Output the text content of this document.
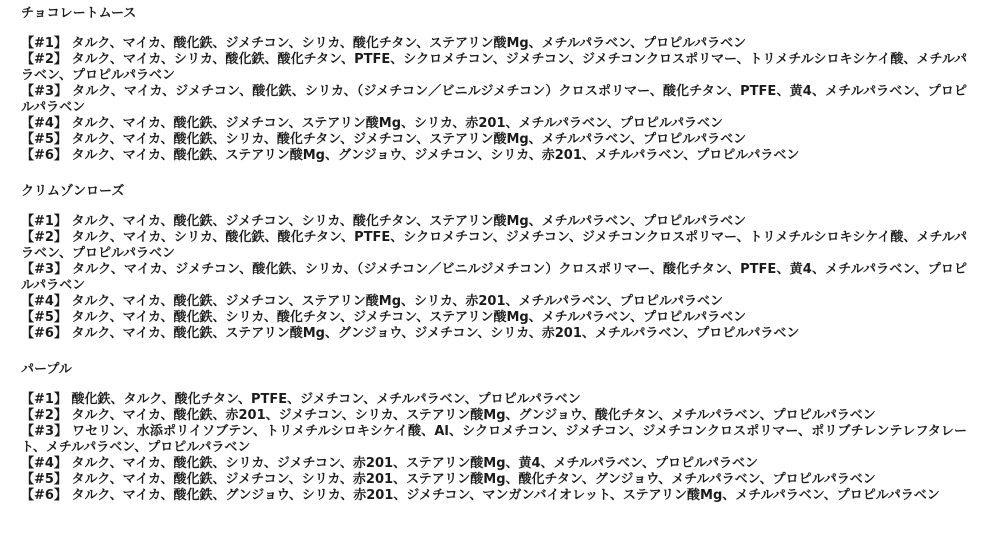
チョコレートムース

【#1】 タルク、マイカ、酸化鉄、ジメチコン、シリカ、酸化チタン、ステアリン酸Mg、メチルパラベン、プロピルパラベン

【#2】 タルク、マイカ、シリカ、酸化鉄、酸化チタン、PTFE、シクロメチコン、ジメチコン、ジメチコンクロスポリマー、トリメチルシロキシケイ酸、メチルパラベン、プロピルパラベン

【#3】 タルク、マイカ、ジメチコン、酸化鉄、シリカ、（ジメチコン／ビニルジメチコン）クロスポリマー、酸化チタン、PTFE、黄4、メチルパラベン、プロピルパラベン

【#4】 タルク、マイカ、酸化鉄、ジメチコン、ステアリン酸Mg、シリカ、赤201、メチルパラベン、プロピルパラベン

【#5】 タルク、マイカ、酸化鉄、シリカ、酸化チタン、ジメチコン、ステアリン酸Mg、メチルパラベン、プロピルパラベン

【#6】 タルク、マイカ、酸化鉄、ステアリン酸Mg、グンジョウ、ジメチコン、シリカ、赤201、メチルパラベン、プロピルパラベン

クリムゾンローズ

【#1】 タルク、マイカ、酸化鉄、ジメチコン、シリカ、酸化チタン、ステアリン酸Mg、メチルパラベン、プロピルパラベン

【#2】 タルク、マイカ、シリカ、酸化鉄、酸化チタン、PTFE、シクロメチコン、ジメチコン、ジメチコンクロスポリマー、トリメチルシロキシケイ酸、メチルパラベン、プロピルパラベン

【#3】 タルク、マイカ、ジメチコン、酸化鉄、シリカ、（ジメチコン／ビニルジメチコン）クロスポリマー、酸化チタン、PTFE、黄4、メチルパラベン、プロピルパラベン

【#4】 タルク、マイカ、酸化鉄、ジメチコン、ステアリン酸Mg、シリカ、赤201、メチルパラベン、プロピルパラベン

【#5】 タルク、マイカ、酸化鉄、シリカ、酸化チタン、ジメチコン、ステアリン酸Mg、メチルパラベン、プロピルパラベン

【#6】 タルク、マイカ、酸化鉄、ステアリン酸Mg、グンジョウ、ジメチコン、シリカ、赤201、メチルパラベン、プロピルパラベン

パープル

【#1】 酸化鉄、タルク、酸化チタン、PTFE、ジメチコン、メチルパラベン、プロピルパラベン

【#2】 タルク、マイカ、酸化鉄、赤201、ジメチコン、シリカ、ステアリン酸Mg、グンジョウ、酸化チタン、メチルパラベン、プロピルパラベン

【#3】 ワセリン、水添ポリイソブテン、トリメチルシロキシケイ酸、Al、シクロメチコン、ジメチコン、ジメチコンクロスポリマー、ポリブチレンテレフタレート、メチルパラベン、プロピルパラベン

【#4】 タルク、マイカ、酸化鉄、シリカ、ジメチコン、赤201、ステアリン酸Mg、黄4、メチルパラベン、プロピルパラベン

【#5】 タルク、マイカ、酸化鉄、ジメチコン、シリカ、赤201、ステアリン酸Mg、酸化チタン、グンジョウ、メチルパラベン、プロピルパラベン

【#6】 タルク、マイカ、酸化鉄、グンジョウ、シリカ、赤201、ジメチコン、マンガンバイオレット、ステアリン酸Mg、メチルパラベン、プロピルパラベン
